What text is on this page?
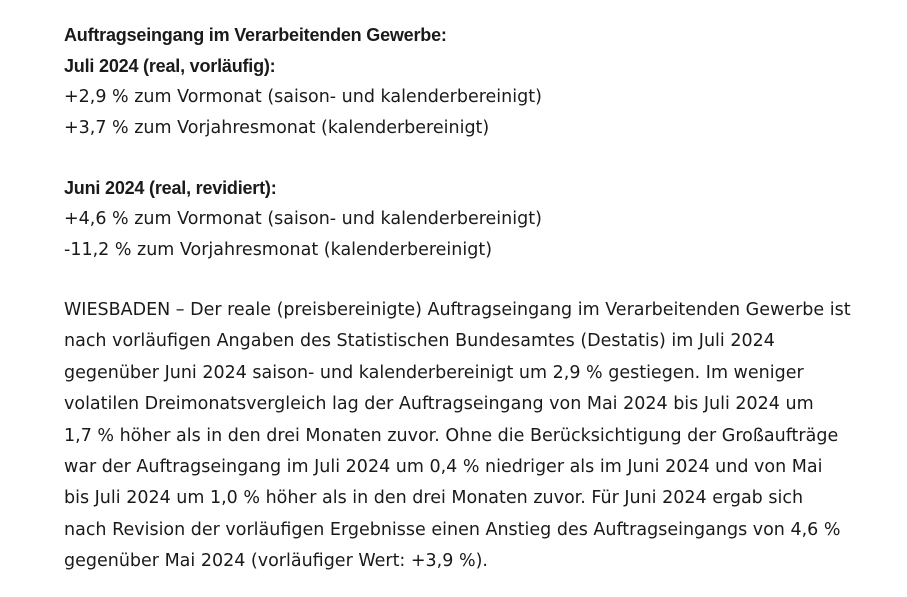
Auftragseingang im Verarbeitenden Gewerbe:
Juli 2024 (real, vorläufig):
+2,9 % zum Vormonat (saison- und kalenderbereinigt)
+3,7 % zum Vorjahresmonat (kalenderbereinigt)
Juni 2024 (real, revidiert):
+4,6 % zum Vormonat (saison- und kalenderbereinigt)
-11,2 % zum Vorjahresmonat (kalenderbereinigt)
WIESBADEN – Der reale (preisbereinigte) Auftragseingang im Verarbeitenden Gewerbe ist
nach vorläufigen Angaben des Statistischen Bundesamtes (Destatis) im Juli 2024
gegenüber Juni 2024 saison- und kalenderbereinigt um 2,9 % gestiegen. Im weniger
volatilen Dreimonatsvergleich lag der Auftragseingang von Mai 2024 bis Juli 2024 um
1,7 % höher als in den drei Monaten zuvor. Ohne die Berücksichtigung der Großaufträge
war der Auftragseingang im Juli 2024 um 0,4 % niedriger als im Juni 2024 und von Mai
bis Juli 2024 um 1,0 % höher als in den drei Monaten zuvor. Für Juni 2024 ergab sich
nach Revision der vorläufigen Ergebnisse einen Anstieg des Auftragseingangs von 4,6 %
gegenüber Mai 2024 (vorläufiger Wert: +3,9 %).
